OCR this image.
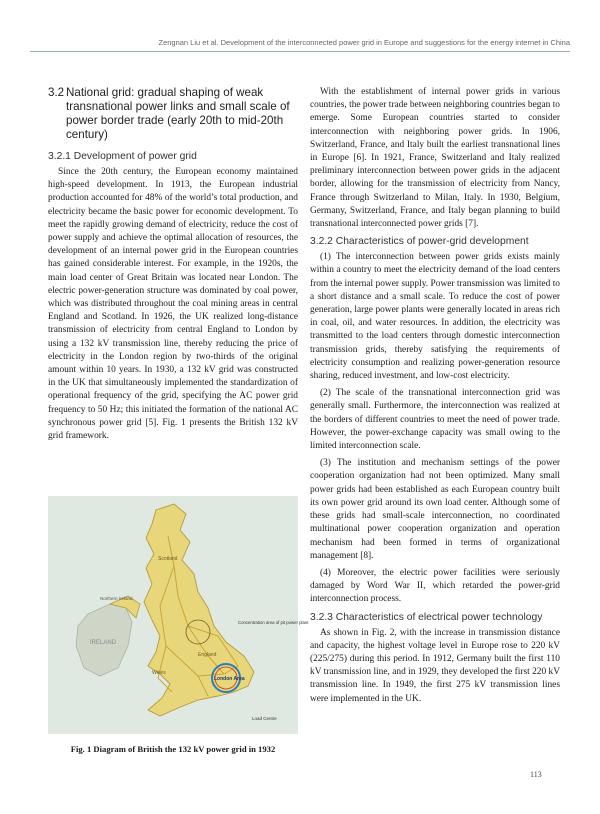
Zengnan Liu et al. Development of the interconnected power grid in Europe and suggestions for the energy internet in China
3.2 National grid: gradual shaping of weak transnational power links and small scale of power border trade (early 20th to mid-20th century)
3.2.1 Development of power grid

Since the 20th century, the European economy maintained high-speed development. In 1913, the European industrial production accounted for 48% of the world’s total production, and electricity became the basic power for economic development. To meet the rapidly growing demand of electricity, reduce the cost of power supply and achieve the optimal allocation of resources, the development of an internal power grid in the European countries has gained considerable interest. For example, in the 1920s, the main load center of Great Britain was located near London. The electric power-generation structure was dominated by coal power, which was distributed throughout the coal mining areas in central England and Scotland. In 1926, the UK realized long-distance transmission of electricity from central England to London by using a 132 kV transmission line, thereby reducing the price of electricity in the London region by two-thirds of the original amount within 10 years. In 1930, a 132 kV grid was constructed in the UK that simultaneously implemented the standardization of operational frequency of the grid, specifying the AC power grid frequency to 50 Hz; this initiated the formation of the national AC synchronous power grid [5]. Fig. 1 presents the British 132 kV grid framework.

Scotland
Northern Ireland
IRELAND
England
Wales
Concentration area of pit power plant
London Area
Load Centre
Fig. 1 Diagram of British the 132 kV power grid in 1932

With the establishment of internal power grids in various countries, the power trade between neighboring countries began to emerge. Some European countries started to consider interconnection with neighboring power grids. In 1906, Switzerland, France, and Italy built the earliest transnational lines in Europe [6]. In 1921, France, Switzerland and Italy realized preliminary interconnection between power grids in the adjacent border, allowing for the transmission of electricity from Nancy, France through Switzerland to Milan, Italy. In 1930, Belgium, Germany, Switzerland, France, and Italy began planning to build transnational interconnected power grids [7].

3.2.2 Characteristics of power-grid development

(1) The interconnection between power grids exists mainly within a country to meet the electricity demand of the load centers from the internal power supply. Power transmission was limited to a short distance and a small scale. To reduce the cost of power generation, large power plants were generally located in areas rich in coal, oil, and water resources. In addition, the electricity was transmitted to the load centers through domestic interconnection transmission grids, thereby satisfying the requirements of electricity consumption and realizing power-generation resource sharing, reduced investment, and low-cost electricity.

(2) The scale of the transnational interconnection grid was generally small. Furthermore, the interconnection was realized at the borders of different countries to meet the need of power trade. However, the power-exchange capacity was small owing to the limited interconnection scale.

(3) The institution and mechanism settings of the power cooperation organization had not been optimized. Many small power grids had been established as each European country built its own power grid around its own load center. Although some of these grids had small-scale interconnection, no coordinated multinational power cooperation organization and operation mechanism had been formed in terms of organizational management [8].

(4) Moreover, the electric power facilities were seriously damaged by Word War II, which retarded the power-grid interconnection process.

3.2.3 Characteristics of electrical power technology

As shown in Fig. 2, with the increase in transmission distance and capacity, the highest voltage level in Europe rose to 220 kV (225/275) during this period. In 1912, Germany built the first 110 kV transmission line, and in 1929, they developed the first 220 kV transmission line. In 1949, the first 275 kV transmission lines were implemented in the UK.

113
